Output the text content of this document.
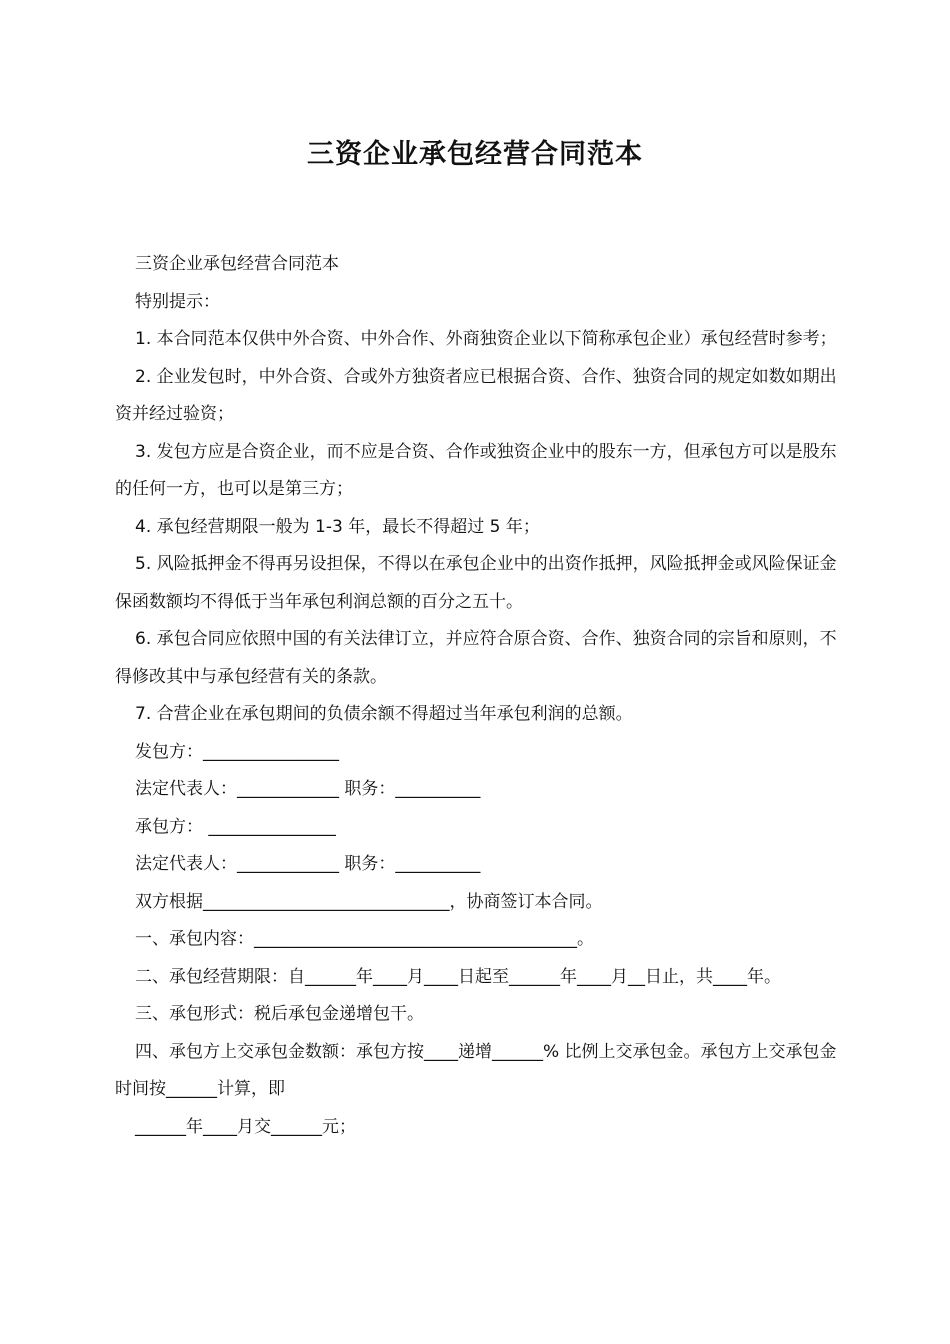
三资企业承包经营合同范本

三资企业承包经营合同范本

特别提示：

1. 本合同范本仅供中外合资、中外合作、外商独资企业以下简称承包企业）承包经营时参考；

2. 企业发包时，中外合资、合或外方独资者应已根据合资、合作、独资合同的规定如数如期出资并经过验资；

3. 发包方应是合资企业，而不应是合资、合作或独资企业中的股东一方，但承包方可以是股东的任何一方，也可以是第三方；

4. 承包经营期限一般为 1-3 年，最长不得超过 5 年；

5. 风险抵押金不得再另设担保，不得以在承包企业中的出资作抵押，风险抵押金或风险保证金保函数额均不得低于当年承包利润总额的百分之五十。

6. 承包合同应依照中国的有关法律订立，并应符合原合资、合作、独资合同的宗旨和原则，不得修改其中与承包经营有关的条款。

7. 合营企业在承包期间的负债余额不得超过当年承包利润的总额。

发包方：________________

法定代表人：____________ 职务：__________

承包方： _______________

法定代表人：____________ 职务：__________

双方根据_____________________________，协商签订本合同。

一、承包内容：______________________________________。

二、承包经营期限：自______年____月____日起至______年____月__日止，共____年。

三、承包形式：税后承包金递增包干。

四、承包方上交承包金数额：承包方按____递增______% 比例上交承包金。承包方上交承包金时间按______计算，即

______年____月交______元；
